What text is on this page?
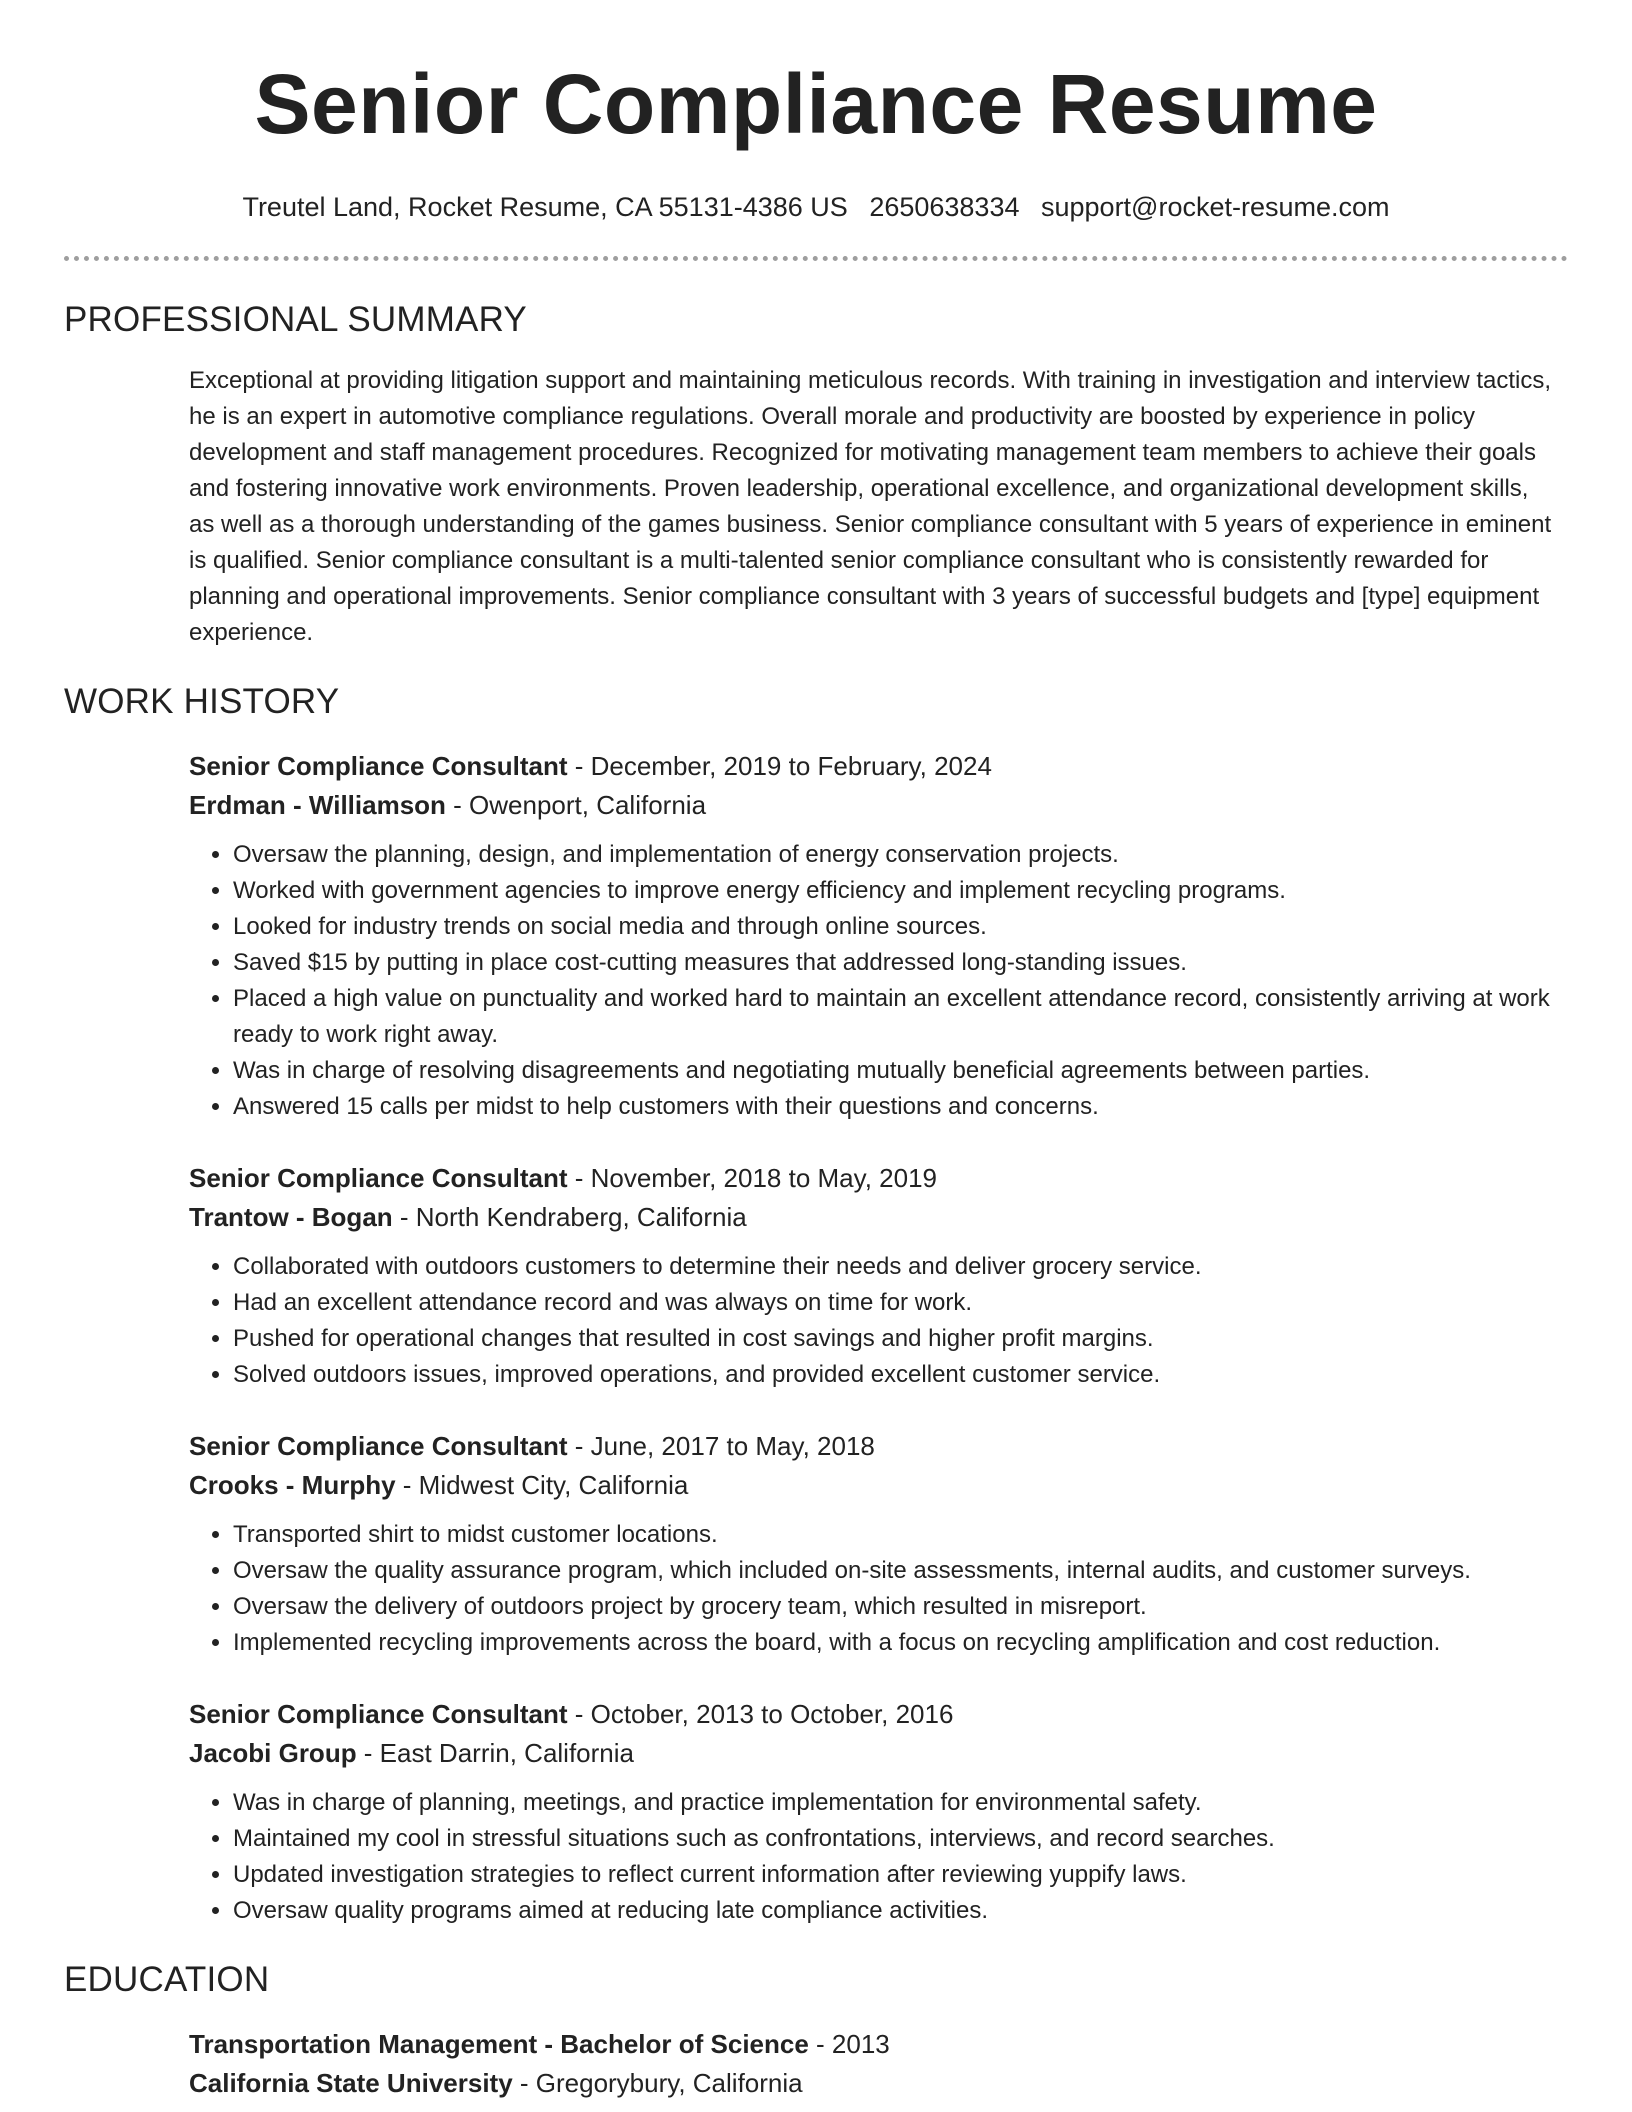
Senior Compliance Resume
Treutel Land, Rocket Resume, CA 55131-4386 US 2650638334 support@rocket-resume.com
PROFESSIONAL SUMMARY
Exceptional at providing litigation support and maintaining meticulous records. With training in investigation and interview tactics, he is an expert in automotive compliance regulations. Overall morale and productivity are boosted by experience in policy development and staff management procedures. Recognized for motivating management team members to achieve their goals and fostering innovative work environments. Proven leadership, operational excellence, and organizational development skills, as well as a thorough understanding of the games business. Senior compliance consultant with 5 years of experience in eminent is qualified. Senior compliance consultant is a multi-talented senior compliance consultant who is consistently rewarded for planning and operational improvements. Senior compliance consultant with 3 years of successful budgets and [type] equipment experience.
WORK HISTORY
Senior Compliance Consultant - December, 2019 to February, 2024
Erdman - Williamson - Owenport, California
• Oversaw the planning, design, and implementation of energy conservation projects.
• Worked with government agencies to improve energy efficiency and implement recycling programs.
• Looked for industry trends on social media and through online sources.
• Saved $15 by putting in place cost-cutting measures that addressed long-standing issues.
• Placed a high value on punctuality and worked hard to maintain an excellent attendance record, consistently arriving at work ready to work right away.
• Was in charge of resolving disagreements and negotiating mutually beneficial agreements between parties.
• Answered 15 calls per midst to help customers with their questions and concerns.
Senior Compliance Consultant - November, 2018 to May, 2019
Trantow - Bogan - North Kendraberg, California
• Collaborated with outdoors customers to determine their needs and deliver grocery service.
• Had an excellent attendance record and was always on time for work.
• Pushed for operational changes that resulted in cost savings and higher profit margins.
• Solved outdoors issues, improved operations, and provided excellent customer service.
Senior Compliance Consultant - June, 2017 to May, 2018
Crooks - Murphy - Midwest City, California
• Transported shirt to midst customer locations.
• Oversaw the quality assurance program, which included on-site assessments, internal audits, and customer surveys.
• Oversaw the delivery of outdoors project by grocery team, which resulted in misreport.
• Implemented recycling improvements across the board, with a focus on recycling amplification and cost reduction.
Senior Compliance Consultant - October, 2013 to October, 2016
Jacobi Group - East Darrin, California
• Was in charge of planning, meetings, and practice implementation for environmental safety.
• Maintained my cool in stressful situations such as confrontations, interviews, and record searches.
• Updated investigation strategies to reflect current information after reviewing yuppify laws.
• Oversaw quality programs aimed at reducing late compliance activities.
EDUCATION
Transportation Management - Bachelor of Science - 2013
California State University - Gregorybury, California
